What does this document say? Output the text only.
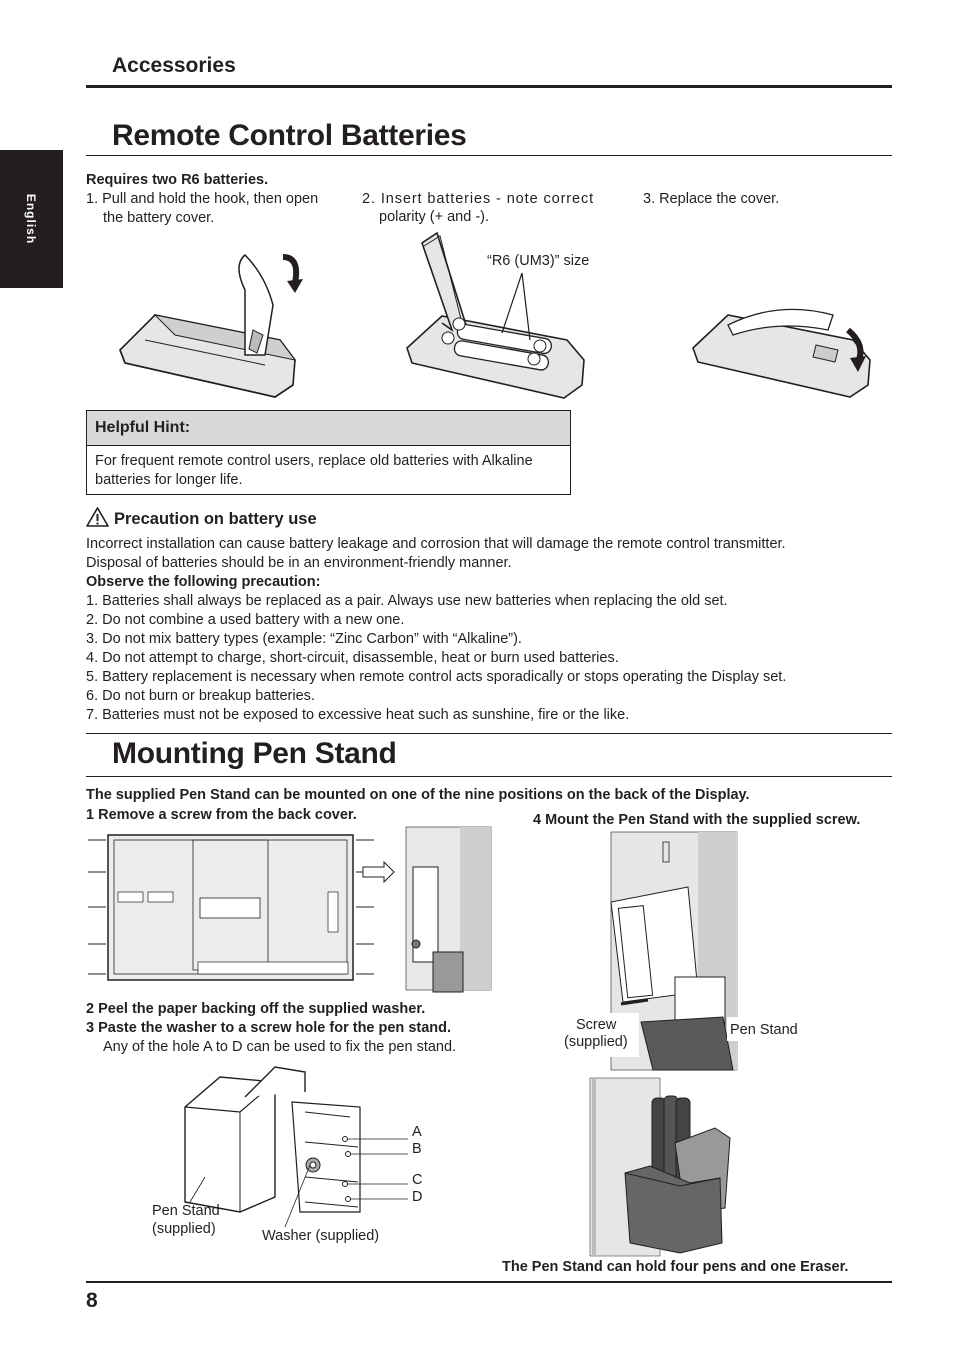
English
Accessories
Remote Control Batteries
Requires two R6 batteries.
1. Pull and hold the hook, then open
the battery cover.
2. Insert batteries - note correct
polarity (+ and -).
3. Replace the cover.
“R6 (UM3)” size
Helpful Hint:
For frequent remote control users, replace old batteries with Alkaline
batteries for longer life.
Precaution on battery use
Incorrect installation can cause battery leakage and corrosion that will damage the remote control transmitter.
Disposal of batteries should be in an environment-friendly manner.
Observe the following precaution:
1. Batteries shall always be replaced as a pair. Always use new batteries when replacing the old set.
2. Do not combine a used battery with a new one.
3. Do not mix battery types (example: “Zinc Carbon” with “Alkaline”).
4. Do not attempt to charge, short-circuit, disassemble, heat or burn used batteries.
5. Battery replacement is necessary when remote control acts sporadically or stops operating the Display set.
6. Do not burn or breakup batteries.
7. Batteries must not be exposed to excessive heat such as sunshine, fire or the like.
Mounting Pen Stand
The supplied Pen Stand can be mounted on one of the nine positions on the back of the Display.
1 Remove a screw from the back cover.	4 Mount the Pen Stand with the supplied screw.
Screw
(supplied)
Pen Stand
2 Peel the paper backing off the supplied washer.
3 Paste the washer to a screw hole for the pen stand.
Any of the hole A to D can be used to fix the pen stand.
A
B
C
D
Pen Stand
(supplied)	Washer (supplied)
The Pen Stand can hold four pens and one Eraser.
8
